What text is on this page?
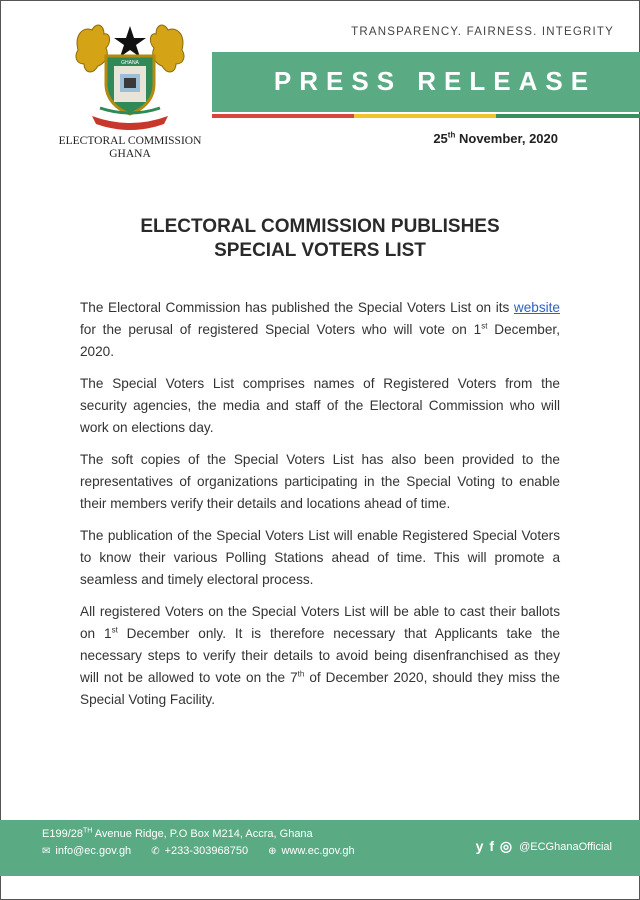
GHANA
ELECTORAL COMMISSION
GHANA
TRANSPARENCY. FAIRNESS. INTEGRITY
PRESS RELEASE
25th November, 2020
ELECTORAL COMMISSION PUBLISHES
SPECIAL VOTERS LIST

The Electoral Commission has published the Special Voters List on its website for the perusal of registered Special Voters who will vote on 1st December, 2020.

The Special Voters List comprises names of Registered Voters from the security agencies, the media and staff of the Electoral Commission who will work on elections day.

The soft copies of the Special Voters List has also been provided to the representatives of organizations participating in the Special Voting to enable their members verify their details and locations ahead of time.

The publication of the Special Voters List will enable Registered Special Voters to know their various Polling Stations ahead of time. This will promote a seamless and timely electoral process.

All registered Voters on the Special Voters List will be able to cast their ballots on 1st December only. It is therefore necessary that Applicants take the necessary steps to verify their details to avoid being disenfranchised as they will not be allowed to vote on the 7th of December 2020, should they miss the Special Voting Facility.

E199/28TH Avenue Ridge, P.O Box M214, Accra, Ghana
✉ info@ec.gov.gh ✆ +233-303968750 ⊕ www.ec.gov.gh	y f ◎ @ECGhanaOfficial
